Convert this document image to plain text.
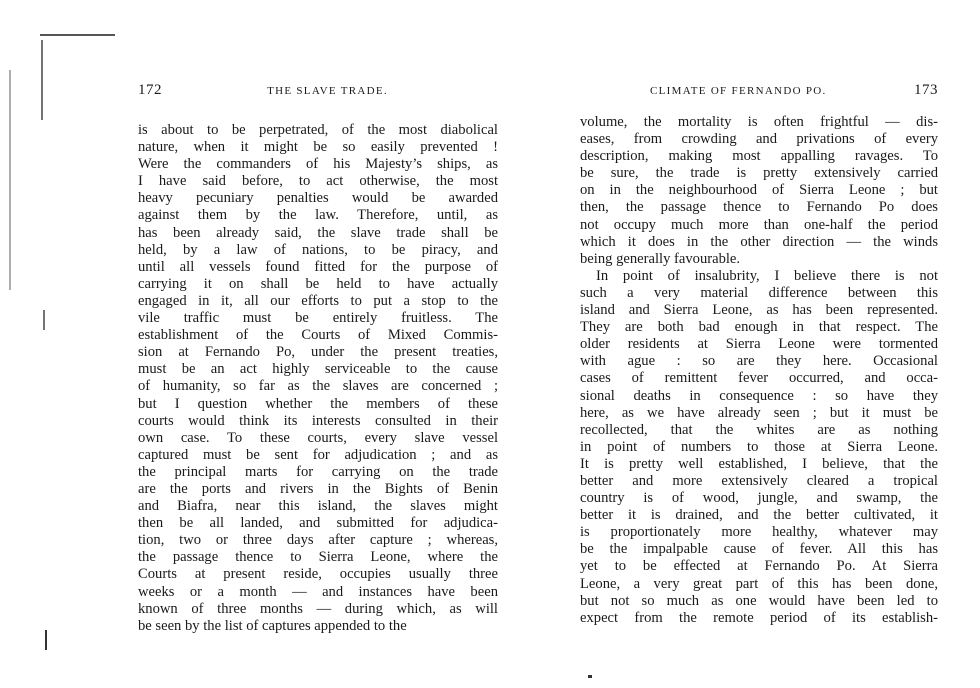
172	THE SLAVE TRADE.
is about to be perpetrated, of the most diabolical
nature, when it might be so easily prevented !
Were the commanders of his Majesty’s ships, as
I have said before, to act otherwise, the most
heavy pecuniary penalties would be awarded
against them by the law. Therefore, until, as
has been already said, the slave trade shall be
held, by a law of nations, to be piracy, and
until all vessels found fitted for the purpose of
carrying it on shall be held to have actually
engaged in it, all our efforts to put a stop to the
vile traffic must be entirely fruitless. The
establishment of the Courts of Mixed Commis-
sion at Fernando Po, under the present treaties,
must be an act highly serviceable to the cause
of humanity, so far as the slaves are concerned ;
but I question whether the members of these
courts would think its interests consulted in their
own case. To these courts, every slave vessel
captured must be sent for adjudication ; and as
the principal marts for carrying on the trade
are the ports and rivers in the Bights of Benin
and Biafra, near this island, the slaves might
then be all landed, and submitted for adjudica-
tion, two or three days after capture ; whereas,
the passage thence to Sierra Leone, where the
Courts at present reside, occupies usually three
weeks or a month — and instances have been
known of three months — during which, as will
be seen by the list of captures appended to the
CLIMATE OF FERNANDO PO.	173
volume, the mortality is often frightful — dis-
eases, from crowding and privations of every
description, making most appalling ravages. To
be sure, the trade is pretty extensively carried
on in the neighbourhood of Sierra Leone ; but
then, the passage thence to Fernando Po does
not occupy much more than one-half the period
which it does in the other direction — the winds
being generally favourable.
In point of insalubrity, I believe there is not
such a very material difference between this
island and Sierra Leone, as has been represented.
They are both bad enough in that respect. The
older residents at Sierra Leone were tormented
with ague : so are they here. Occasional
cases of remittent fever occurred, and occa-
sional deaths in consequence : so have they
here, as we have already seen ; but it must be
recollected, that the whites are as nothing
in point of numbers to those at Sierra Leone.
It is pretty well established, I believe, that the
better and more extensively cleared a tropical
country is of wood, jungle, and swamp, the
better it is drained, and the better cultivated, it
is proportionately more healthy, whatever may
be the impalpable cause of fever. All this has
yet to be effected at Fernando Po. At Sierra
Leone, a very great part of this has been done,
but not so much as one would have been led to
expect from the remote period of its establish-
